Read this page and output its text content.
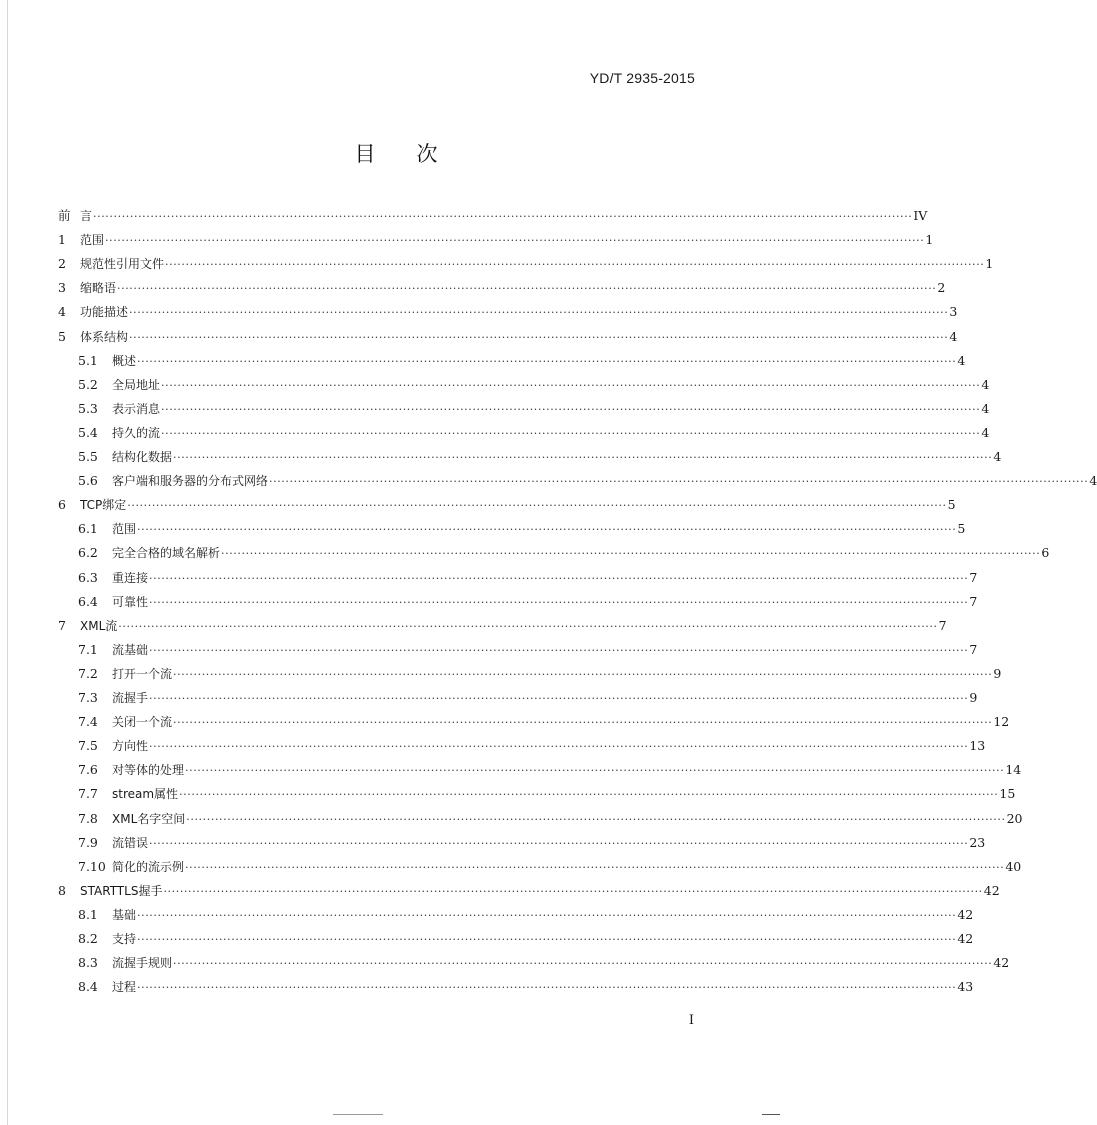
YD/T 2935-2015
目 次
前 言 ········································································································································································································ IV
1	范围 ········································································································································································································ 1
2	规范性引用文件 ········································································································································································································ 1
3	缩略语 ········································································································································································································ 2
4	功能描述 ········································································································································································································ 3
5	体系结构 ········································································································································································································ 4
5.1	概述 ········································································································································································································ 4
5.2	全局地址 ········································································································································································································ 4
5.3	表示消息 ········································································································································································································ 4
5.4	持久的流 ········································································································································································································ 4
5.5	结构化数据 ········································································································································································································ 4
5.6	客户端和服务器的分布式网络 ········································································································································································································ 4
6	TCP绑定 ········································································································································································································ 5
6.1	范围 ········································································································································································································ 5
6.2	完全合格的域名解析 ········································································································································································································ 6
6.3	重连接 ········································································································································································································ 7
6.4	可靠性 ········································································································································································································ 7
7	XML流 ········································································································································································································ 7
7.1	流基础 ········································································································································································································ 7
7.2	打开一个流 ········································································································································································································ 9
7.3	流握手 ········································································································································································································ 9
7.4	关闭一个流 ········································································································································································································ 12
7.5	方向性 ········································································································································································································ 13
7.6	对等体的处理 ········································································································································································································ 14
7.7	stream属性 ········································································································································································································ 15
7.8	XML名字空间 ········································································································································································································ 20
7.9	流错误 ········································································································································································································ 23
7.10 简化的流示例 ········································································································································································································ 40
8	STARTTLS握手 ········································································································································································································ 42
8.1	基础 ········································································································································································································ 42
8.2	支持 ········································································································································································································ 42
8.3	流握手规则 ········································································································································································································ 42
8.4	过程 ········································································································································································································ 43
I
